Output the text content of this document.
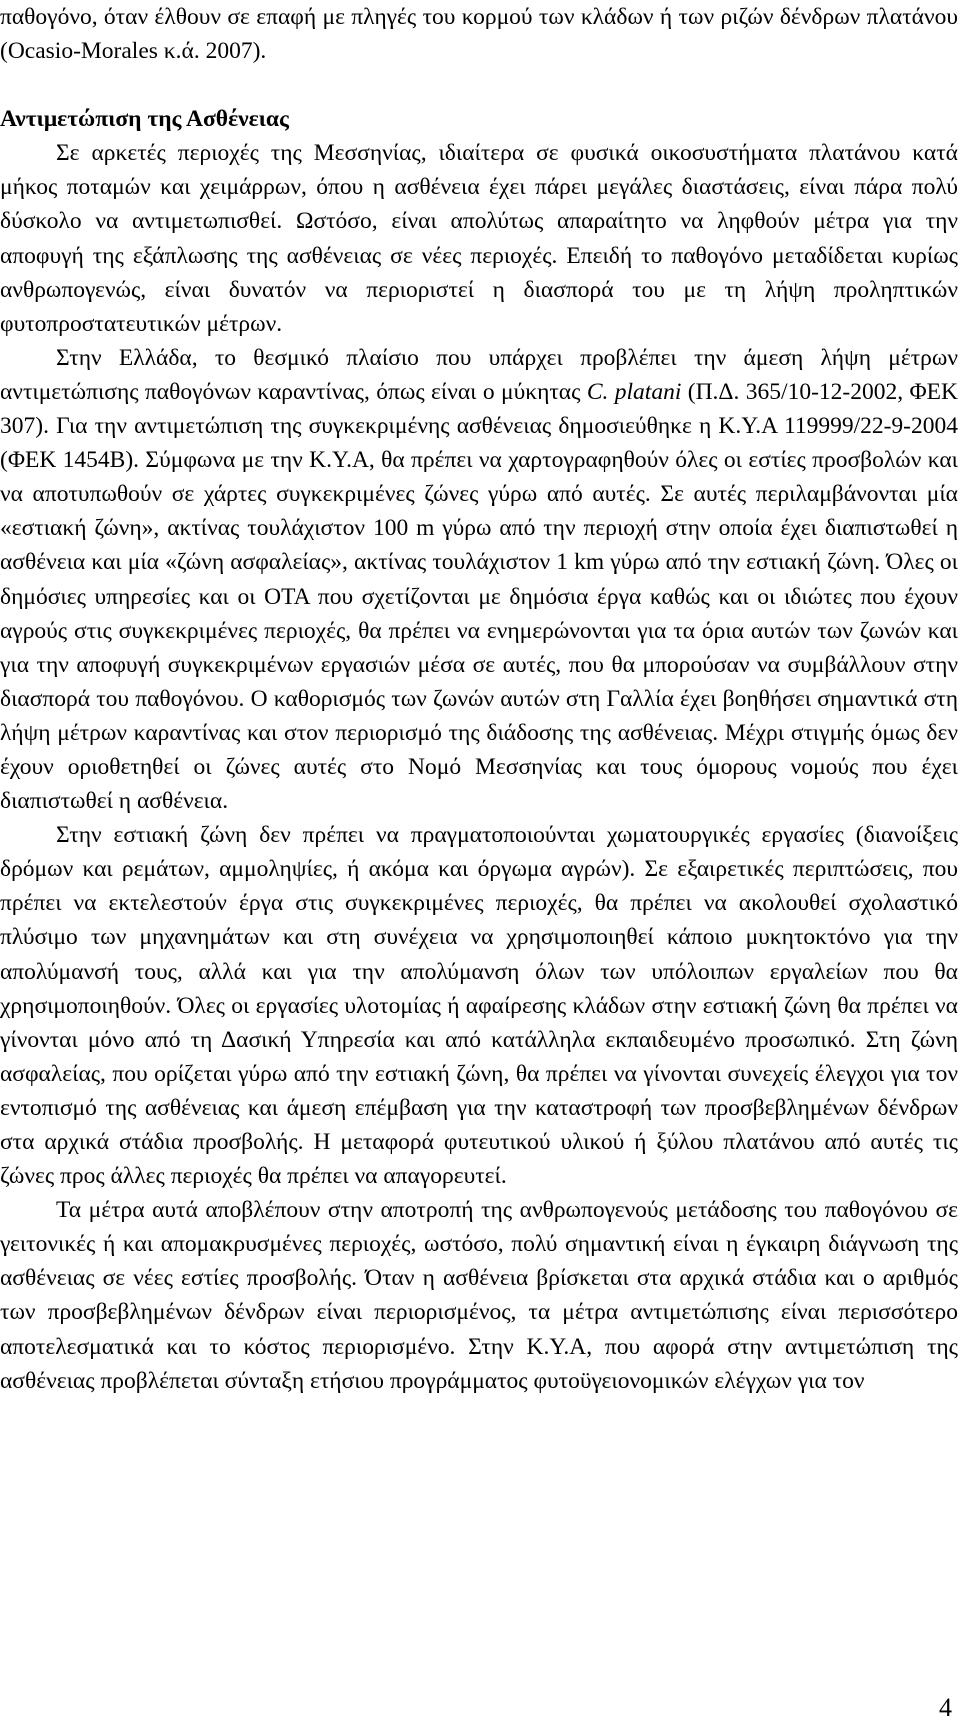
παθογόνο, όταν έλθουν σε επαφή με πληγές του κορμού των κλάδων ή των ριζών δένδρων πλατάνου (Ocasio-Morales κ.ά. 2007).

Αντιμετώπιση της Ασθένειας

Σε αρκετές περιοχές της Μεσσηνίας, ιδιαίτερα σε φυσικά οικοσυστήματα πλατάνου κατά μήκος ποταμών και χειμάρρων, όπου η ασθένεια έχει πάρει μεγάλες διαστάσεις, είναι πάρα πολύ δύσκολο να αντιμετωπισθεί. Ωστόσο, είναι απολύτως απαραίτητο να ληφθούν μέτρα για την αποφυγή της εξάπλωσης της ασθένειας σε νέες περιοχές. Επειδή το παθογόνο μεταδίδεται κυρίως ανθρωπογενώς, είναι δυνατόν να περιοριστεί η διασπορά του με τη λήψη προληπτικών φυτοπροστατευτικών μέτρων.

Στην Ελλάδα, το θεσμικό πλαίσιο που υπάρχει προβλέπει την άμεση λήψη μέτρων αντιμετώπισης παθογόνων καραντίνας, όπως είναι ο μύκητας C. platani (Π.Δ. 365/10-12-2002, ΦΕΚ 307). Για την αντιμετώπιση της συγκεκριμένης ασθένειας δημοσιεύθηκε η Κ.Υ.Α 119999/22-9-2004 (ΦΕΚ 1454Β). Σύμφωνα με την Κ.Υ.Α, θα πρέπει να χαρτογραφηθούν όλες οι εστίες προσβολών και να αποτυπωθούν σε χάρτες συγκεκριμένες ζώνες γύρω από αυτές. Σε αυτές περιλαμβάνονται μία «εστιακή ζώνη», ακτίνας τουλάχιστον 100 m γύρω από την περιοχή στην οποία έχει διαπιστωθεί η ασθένεια και μία «ζώνη ασφαλείας», ακτίνας τουλάχιστον 1 km γύρω από την εστιακή ζώνη. Όλες οι δημόσιες υπηρεσίες και οι ΟΤΑ που σχετίζονται με δημόσια έργα καθώς και οι ιδιώτες που έχουν αγρούς στις συγκεκριμένες περιοχές, θα πρέπει να ενημερώνονται για τα όρια αυτών των ζωνών και για την αποφυγή συγκεκριμένων εργασιών μέσα σε αυτές, που θα μπορούσαν να συμβάλλουν στην διασπορά του παθογόνου. Ο καθορισμός των ζωνών αυτών στη Γαλλία έχει βοηθήσει σημαντικά στη λήψη μέτρων καραντίνας και στον περιορισμό της διάδοσης της ασθένειας. Μέχρι στιγμής όμως δεν έχουν οριοθετηθεί οι ζώνες αυτές στο Νομό Μεσσηνίας και τους όμορους νομούς που έχει διαπιστωθεί η ασθένεια.

Στην εστιακή ζώνη δεν πρέπει να πραγματοποιούνται χωματουργικές εργασίες (διανοίξεις δρόμων και ρεμάτων, αμμοληψίες, ή ακόμα και όργωμα αγρών). Σε εξαιρετικές περιπτώσεις, που πρέπει να εκτελεστούν έργα στις συγκεκριμένες περιοχές, θα πρέπει να ακολουθεί σχολαστικό πλύσιμο των μηχανημάτων και στη συνέχεια να χρησιμοποιηθεί κάποιο μυκητοκτόνο για την απολύμανσή τους, αλλά και για την απολύμανση όλων των υπόλοιπων εργαλείων που θα χρησιμοποιηθούν. Όλες οι εργασίες υλοτομίας ή αφαίρεσης κλάδων στην εστιακή ζώνη θα πρέπει να γίνονται μόνο από τη Δασική Υπηρεσία και από κατάλληλα εκπαιδευμένο προσωπικό. Στη ζώνη ασφαλείας, που ορίζεται γύρω από την εστιακή ζώνη, θα πρέπει να γίνονται συνεχείς έλεγχοι για τον εντοπισμό της ασθένειας και άμεση επέμβαση για την καταστροφή των προσβεβλημένων δένδρων στα αρχικά στάδια προσβολής. Η μεταφορά φυτευτικού υλικού ή ξύλου πλατάνου από αυτές τις ζώνες προς άλλες περιοχές θα πρέπει να απαγορευτεί.

Τα μέτρα αυτά αποβλέπουν στην αποτροπή της ανθρωπογενούς μετάδοσης του παθογόνου σε γειτονικές ή και απομακρυσμένες περιοχές, ωστόσο, πολύ σημαντική είναι η έγκαιρη διάγνωση της ασθένειας σε νέες εστίες προσβολής. Όταν η ασθένεια βρίσκεται στα αρχικά στάδια και ο αριθμός των προσβεβλημένων δένδρων είναι περιορισμένος, τα μέτρα αντιμετώπισης είναι περισσότερο αποτελεσματικά και το κόστος περιορισμένο. Στην Κ.Υ.Α, που αφορά στην αντιμετώπιση της ασθένειας προβλέπεται σύνταξη ετήσιου προγράμματος φυτοϋγειονομικών ελέγχων για τον

4
